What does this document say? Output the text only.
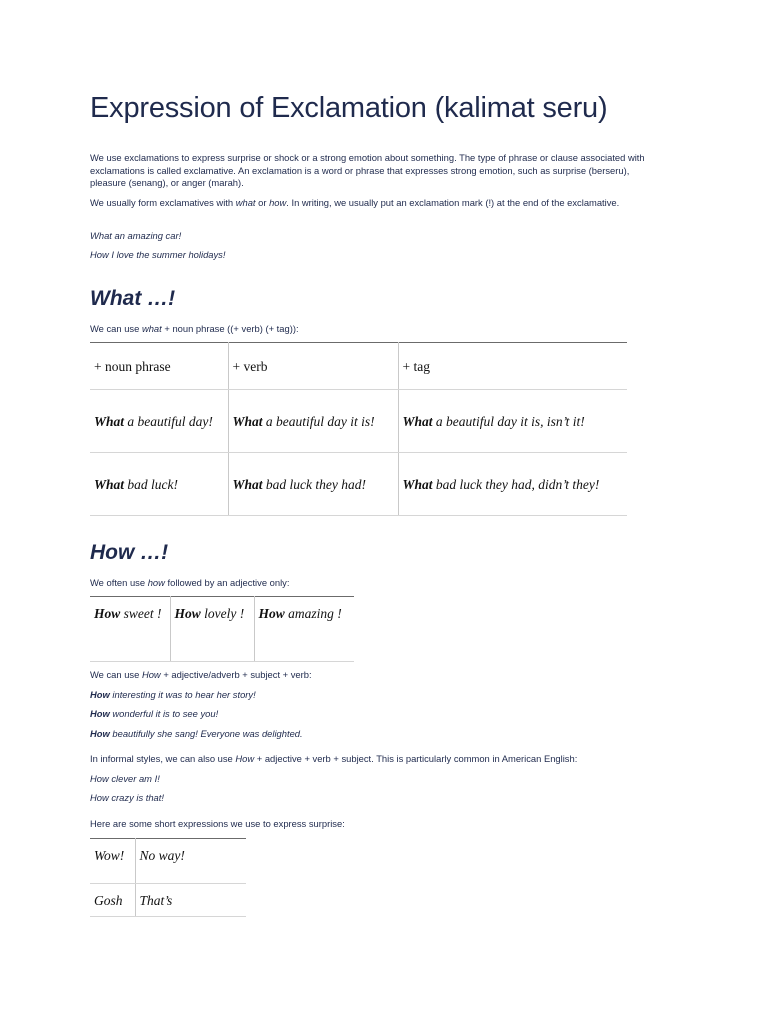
Expression of Exclamation (kalimat seru)

We use exclamations to express surprise or shock or a strong emotion about something. The type of phrase or clause associated with exclamations is called exclamative. An exclamation is a word or phrase that expresses strong emotion, such as surprise (berseru), pleasure (senang), or anger (marah).

We usually form exclamatives with what or how. In writing, we usually put an exclamation mark (!) at the end of the exclamative.

What an amazing car!

How I love the summer holidays!

What …!

We can use what + noun phrase ((+ verb) (+ tag)):

+ noun phrase	+ verb	+ tag
What a beautiful day!	What a beautiful day it is!	What a beautiful day it is, isn’t it!
What bad luck!	What bad luck they had!	What bad luck they had, didn’t they!
How …!

We often use how followed by an adjective only:

How sweet !	How lovely !	How amazing !

We can use How + adjective/adverb + subject + verb:

How interesting it was to hear her story!

How wonderful it is to see you!

How beautifully she sang! Everyone was delighted.

In informal styles, we can also use How + adjective + verb + subject. This is particularly common in American English:

How clever am I!

How crazy is that!

Here are some short expressions we use to express surprise:

Wow!	No way!
Gosh	That’s
